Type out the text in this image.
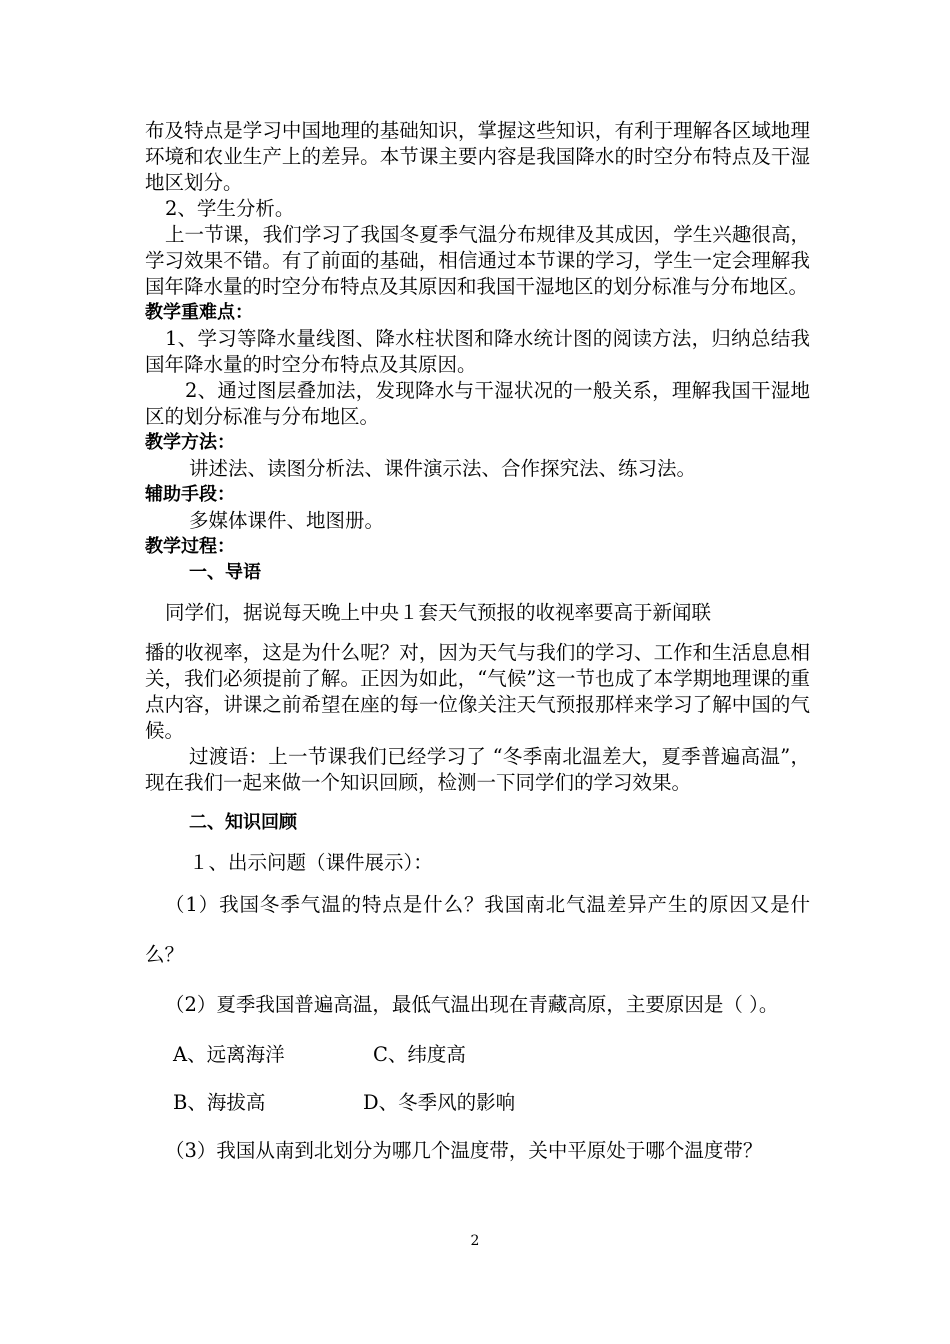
布及特点是学习中国地理的基础知识，掌握这些知识，有利于理解各区域地理环境和农业生产上的差异。本节课主要内容是我国降水的时空分布特点及干湿地区划分。

2、学生分析。

上一节课，我们学习了我国冬夏季气温分布规律及其成因，学生兴趣很高，学习效果不错。有了前面的基础，相信通过本节课的学习，学生一定会理解我国年降水量的时空分布特点及其原因和我国干湿地区的划分标准与分布地区。

教学重难点：

1、学习等降水量线图、降水柱状图和降水统计图的阅读方法，归纳总结我国年降水量的时空分布特点及其原因。

2、通过图层叠加法，发现降水与干湿状况的一般关系，理解我国干湿地区的划分标准与分布地区。

教学方法：

讲述法、读图分析法、课件演示法、合作探究法、练习法。

辅助手段：

多媒体课件、地图册。

教学过程：

一、导语

同学们，据说每天晚上中央１套天气预报的收视率要高于新闻联

播的收视率，这是为什么呢？对，因为天气与我们的学习、工作和生活息息相关，我们必须提前了解。正因为如此，“气候”这一节也成了本学期地理课的重点内容，讲课之前希望在座的每一位像关注天气预报那样来学习了解中国的气候。

过渡语：上一节课我们已经学习了 “冬季南北温差大，夏季普遍高温”，现在我们一起来做一个知识回顾，检测一下同学们的学习效果。

二、知识回顾

１、出示问题（课件展示）：

（1）我国冬季气温的特点是什么？我国南北气温差异产生的原因又是什么？

（2）夏季我国普遍高温，最低气温出现在青藏高原，主要原因是（ ）。

A、远离海洋	C、纬度高

B、海拔高	D、冬季风的影响

（3）我国从南到北划分为哪几个温度带，关中平原处于哪个温度带？

2
